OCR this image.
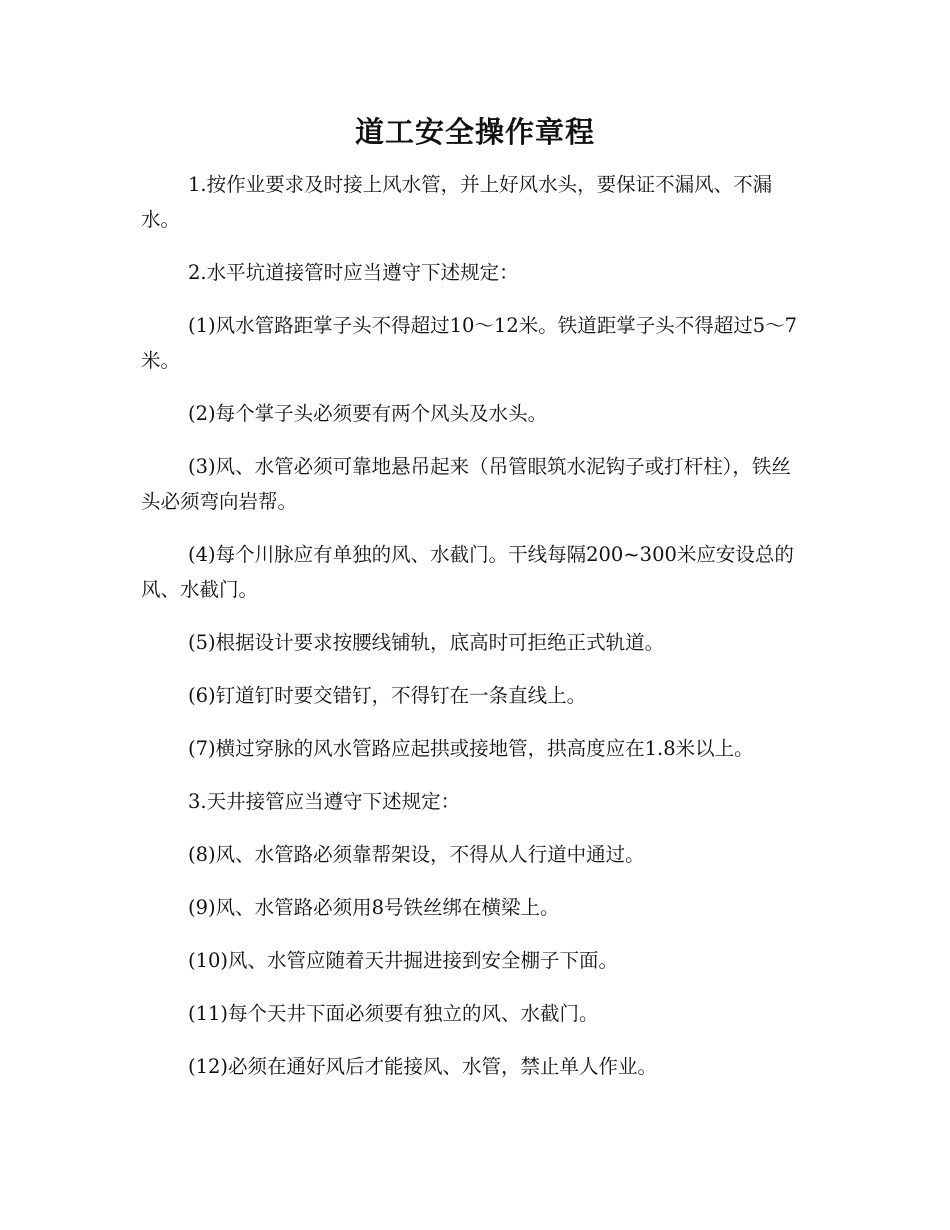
道工安全操作章程

1.按作业要求及时接上风水管，并上好风水头，要保证不漏风、不漏水。

2.水平坑道接管时应当遵守下述规定：

(1)风水管路距掌子头不得超过10～12米。铁道距掌子头不得超过5～7米。

(2)每个掌子头必须要有两个风头及水头。

(3)风、水管必须可靠地悬吊起来（吊管眼筑水泥钩子或打杆柱），铁丝头必须弯向岩帮。

(4)每个川脉应有单独的风、水截门。干线每隔200~300米应安设总的风、水截门。

(5)根据设计要求按腰线铺轨，底高时可拒绝正式轨道。

(6)钉道钉时要交错钉，不得钉在一条直线上。

(7)横过穿脉的风水管路应起拱或接地管，拱高度应在1.8米以上。

3.天井接管应当遵守下述规定：

(8)风、水管路必须靠帮架设，不得从人行道中通过。

(9)风、水管路必须用8号铁丝绑在横梁上。

(10)风、水管应随着天井掘进接到安全棚子下面。

(11)每个天井下面必须要有独立的风、水截门。

(12)必须在通好风后才能接风、水管，禁止单人作业。
